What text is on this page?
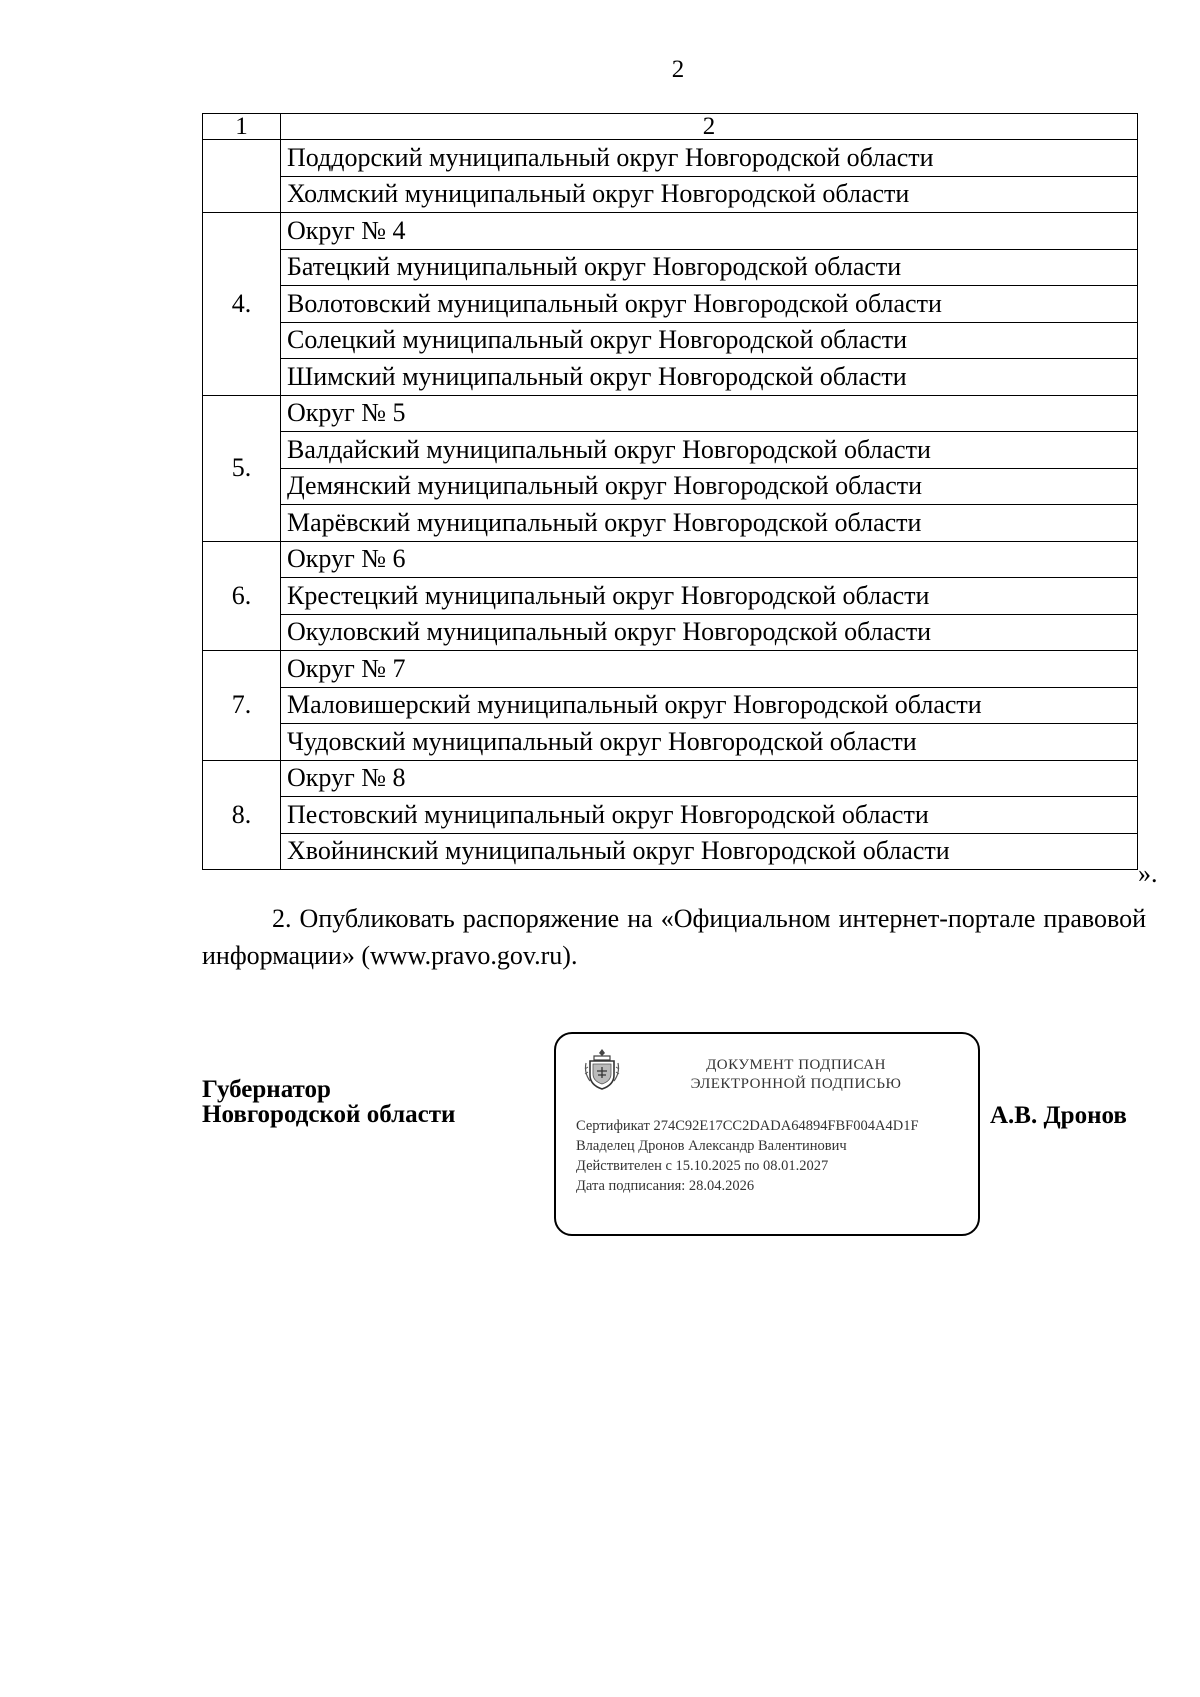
2
1	2
	Поддорский муниципальный округ Новгородской области
	Холмский муниципальный округ Новгородской области
4.	Округ № 4
	Батецкий муниципальный округ Новгородской области
	Волотовский муниципальный округ Новгородской области
	Солецкий муниципальный округ Новгородской области
	Шимский муниципальный округ Новгородской области
5.	Округ № 5
	Валдайский муниципальный округ Новгородской области
	Демянский муниципальный округ Новгородской области
	Марёвский муниципальный округ Новгородской области
6.	Округ № 6
	Крестецкий муниципальный округ Новгородской области
	Окуловский муниципальный округ Новгородской области
7.	Округ № 7
	Маловишерский муниципальный округ Новгородской области
	Чудовский муниципальный округ Новгородской области
8.	Округ № 8
	Пестовский муниципальный округ Новгородской области
	Хвойнинский муниципальный округ Новгородской области
».
2. Опубликовать распоряжение на «Официальном интернет-портале правовой информации» (www.pravo.gov.ru).
Губернатор
Новгородской области
ДОКУМЕНТ ПОДПИСАН
ЭЛЕКТРОННОЙ ПОДПИСЬЮ
Сертификат 274C92E17CC2DADA64894FBF004A4D1F
Владелец Дронов Александр Валентинович
Действителен с 15.10.2025 по 08.01.2027
Дата подписания: 28.04.2026
А.В. Дронов
